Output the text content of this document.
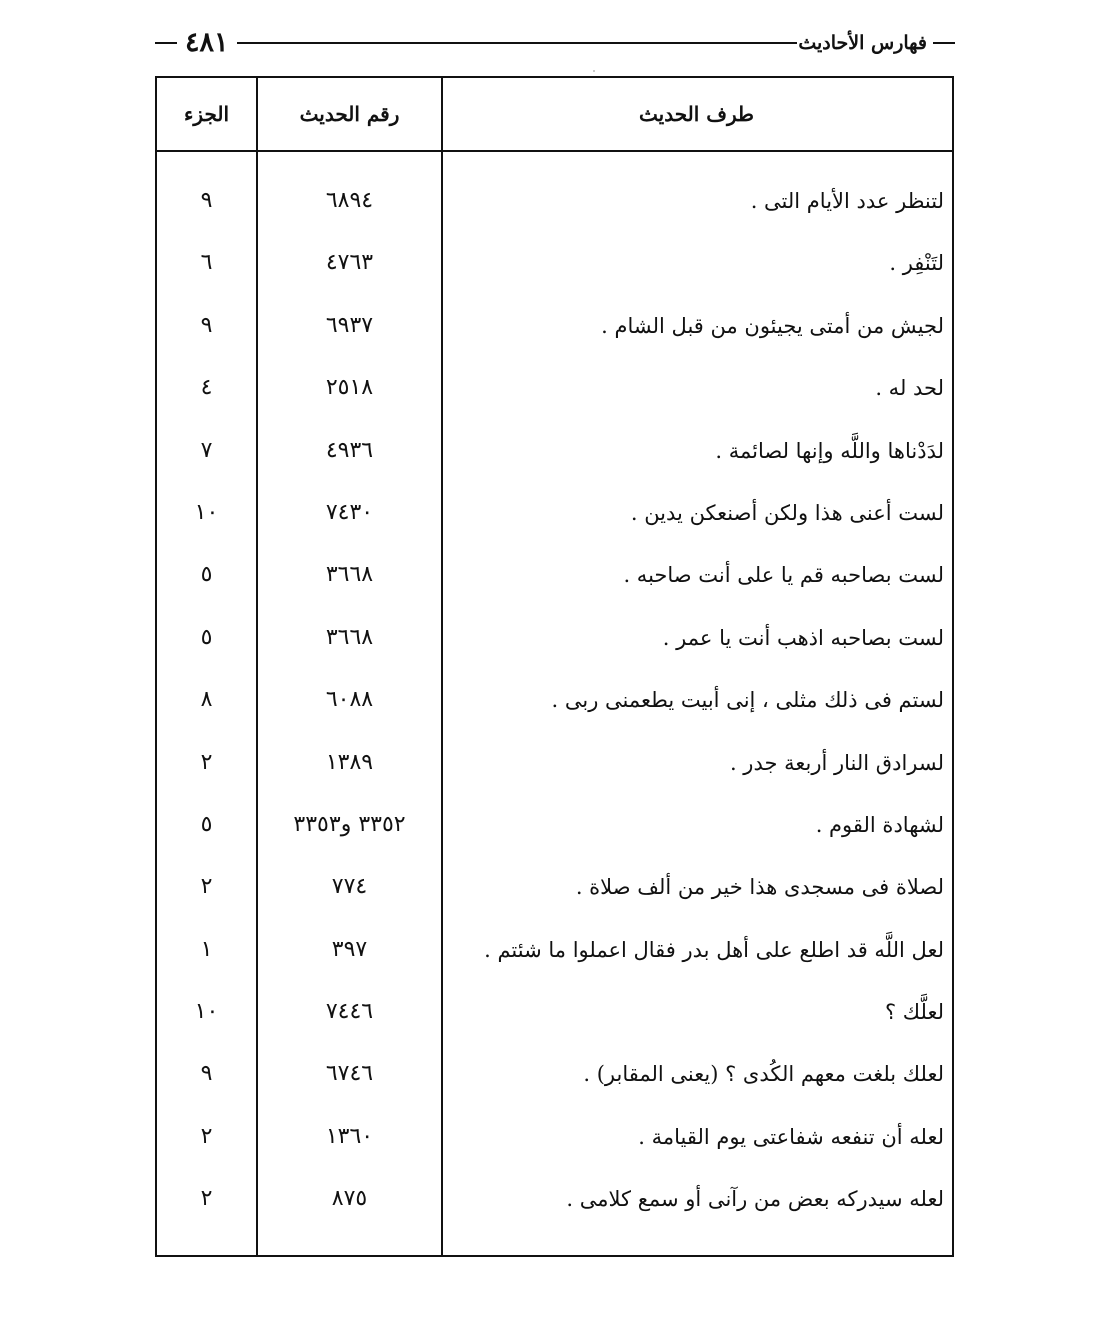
٤٨١	فهارس الأحاديث
طرف الحديث
رقم الحديث
الجزء
لتنظر عدد الأيام التى .
٦٨٩٤
٩
لتَنْفِر .
٤٧٦٣
٦
لجيش من أمتى يجيئون من قبل الشام .
٦٩٣٧
٩
لحد له .
٢٥١٨
٤
لدَدْناها واللَّه وإنها لصائمة .
٤٩٣٦
٧
لست أعنى هذا ولكن أصنعكن يدين .
٧٤٣٠
١٠
لست بصاحبه قم يا على أنت صاحبه .
٣٦٦٨
٥
لست بصاحبه اذهب أنت يا عمر .
٣٦٦٨
٥
لستم فى ذلك مثلى ، إنى أبيت يطعمنى ربى .
٦٠٨٨
٨
لسرادق النار أربعة جدر .
١٣٨٩
٢
لشهادة القوم .
٣٣٥٢ و٣٣٥٣
٥
لصلاة فى مسجدى هذا خير من ألف صلاة .
٧٧٤
٢
لعل اللَّه قد اطلع على أهل بدر فقال اعملوا ما شئتم .
٣٩٧
١
لعلَّك ؟
٧٤٤٦
١٠
لعلك بلغت معهم الكُدى ؟ (يعنى المقابر) .
٦٧٤٦
٩
لعله أن تنفعه شفاعتى يوم القيامة .
١٣٦٠
٢
لعله سيدركه بعض من رآنى أو سمع كلامى .
٨٧٥
٢
